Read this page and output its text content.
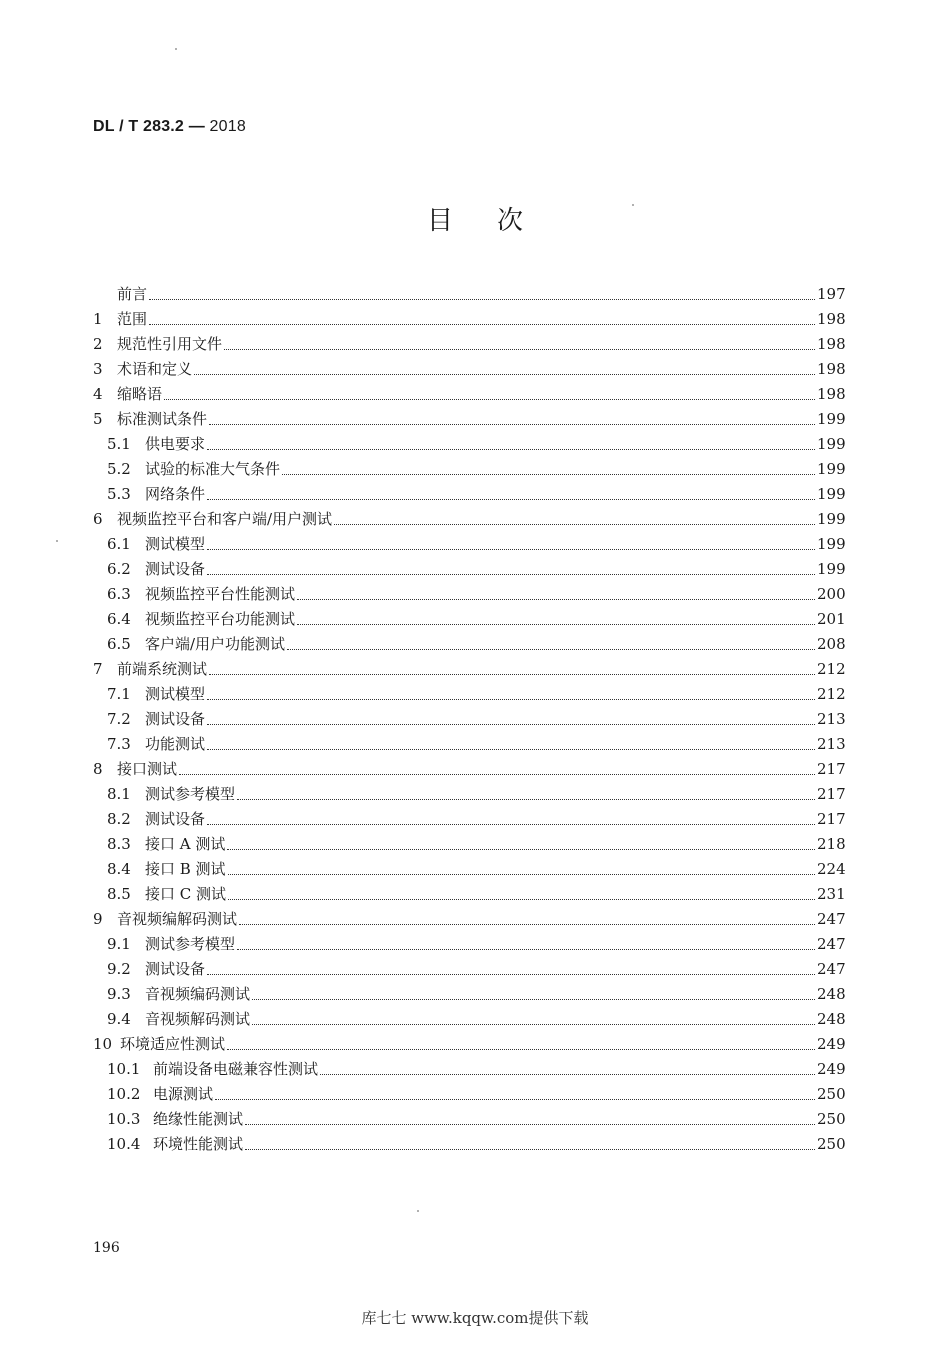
DL / T 283.2 — 2018
目次
前言	197
1 范围	198
2 规范性引用文件	198
3 术语和定义	198
4 缩略语	198
5 标准测试条件	199
5.1 供电要求	199
5.2 试验的标准大气条件	199
5.3 网络条件	199
6 视频监控平台和客户端/用户测试	199
6.1 测试模型	199
6.2 测试设备	199
6.3 视频监控平台性能测试	200
6.4 视频监控平台功能测试	201
6.5 客户端/用户功能测试	208
7 前端系统测试	212
7.1 测试模型	212
7.2 测试设备	213
7.3 功能测试	213
8 接口测试	217
8.1 测试参考模型	217
8.2 测试设备	217
8.3 接口 A 测试	218
8.4 接口 B 测试	224
8.5 接口 C 测试	231
9 音视频编解码测试	247
9.1 测试参考模型	247
9.2 测试设备	247
9.3 音视频编码测试	248
9.4 音视频解码测试	248
10 环境适应性测试	249
10.1 前端设备电磁兼容性测试	249
10.2 电源测试	250
10.3 绝缘性能测试	250
10.4 环境性能测试	250
196
库七七 www.kqqw.com提供下载
